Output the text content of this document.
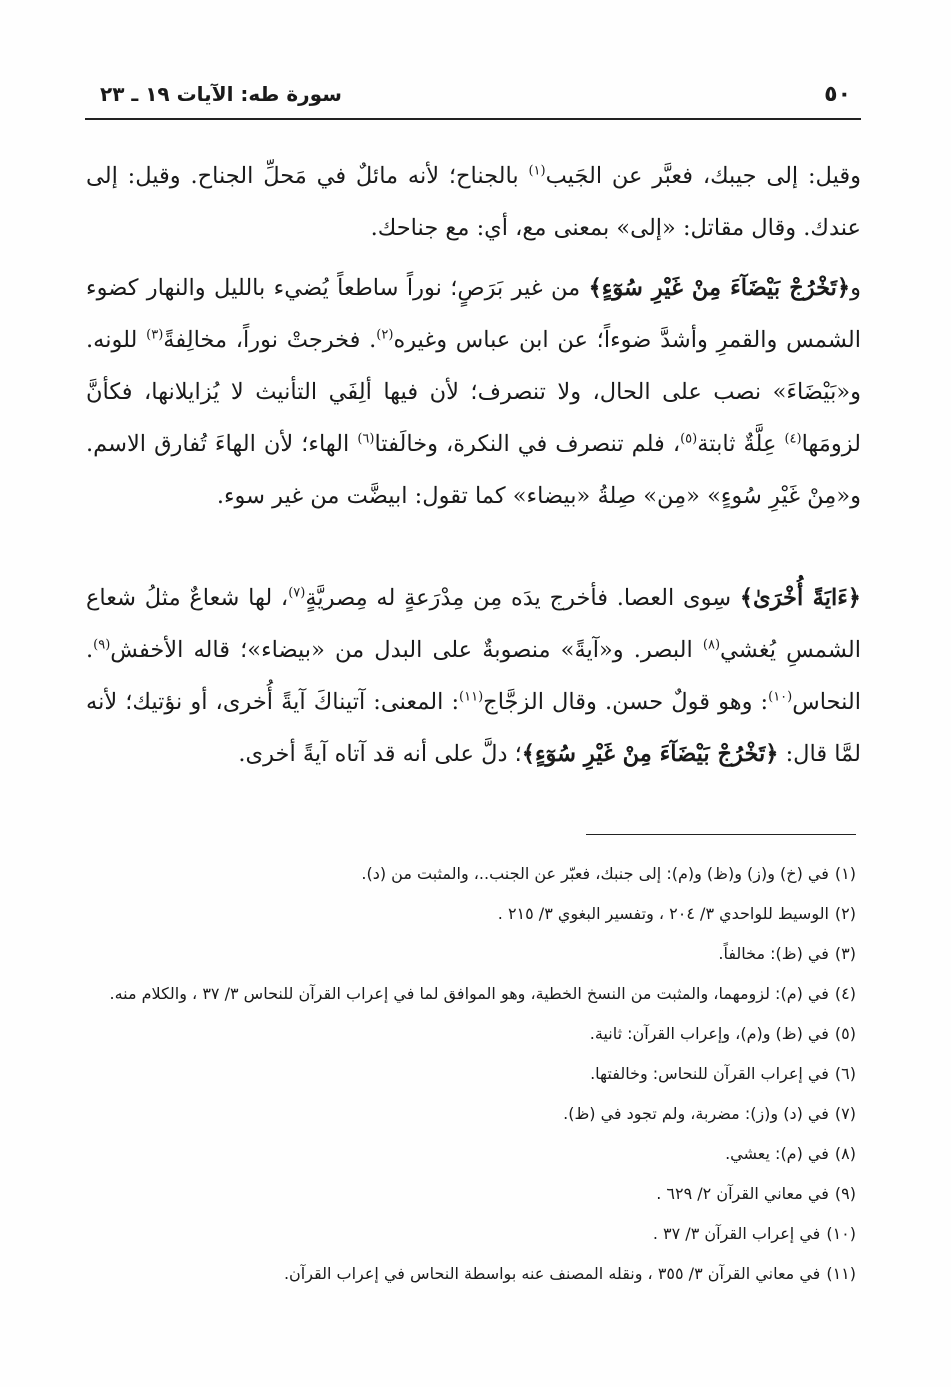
٥٠
سورة طه: الآيات ١٩ ـ ٢٣

وقيل: إلى جيبك، فعبَّر عن الجَيب$^{(١)}$ بالجناح؛ لأنه مائلٌ في مَحلِّ الجناح. وقيل: إلى عندك. وقال مقاتل: «إلى» بمعنى مع، أي: مع جناحك.

و﴿تَخْرُجْ بَيْضَآءَ مِنْ غَيْرِ سُوٓءٍ﴾ من غير بَرَصٍ؛ نوراً ساطعاً يُضيء بالليل والنهار كضوء الشمس والقمرِ وأشدَّ ضوءاً؛ عن ابن عباس وغيره$^{(٢)}$. فخرجتْ نوراً، مخالِفةً$^{(٣)}$ للونه. و«بَيْضَاءَ» نصب على الحال، ولا تنصرف؛ لأن فيها ألِفَي التأنيث لا يُزايلانها، فكأنَّ لزومَها$^{(٤)}$ عِلَّةٌ ثابتة$^{(٥)}$، فلم تنصرف في النكرة، وخالَفتا$^{(٦)}$ الهاء؛ لأن الهاءَ تُفارق الاسم. و«مِنْ غَيْرِ سُوءٍ» «مِن» صِلةُ «بيضاء» كما تقول: ابيضَّت من غير سوء.

﴿ءَايَةً أُخْرَىٰ﴾ سِوى العصا. فأخرج يدَه مِن مِدْرَعةٍ له مِصريَّةٍ$^{(٧)}$، لها شعاعٌ مثلُ شعاع الشمسِ يُغشي$^{(٨)}$ البصر. و«آيةً» منصوبةٌ على البدل من «بيضاء»؛ قاله الأخفش$^{(٩)}$. النحاس$^{(١٠)}$: وهو قولٌ حسن. وقال الزجَّاج$^{(١١)}$: المعنى: آتيناكَ آيةً أُخرى، أو نؤتيك؛ لأنه لمَّا قال: ﴿تَخْرُجْ بَيْضَآءَ مِنْ غَيْرِ سُوٓءٍ﴾؛ دلَّ على أنه قد آتاه آيةً أخرى.

(١)في (خ) و(ز) و(ظ) و(م): إلى جنبك، فعبّر عن الجنب..، والمثبت من (د).
(٢)الوسيط للواحدي ٣/ ٢٠٤ ، وتفسير البغوي ٣/ ٢١٥ .
(٣)في (ظ): مخالفاً.
(٤)في (م): لزومهما، والمثبت من النسخ الخطية، وهو الموافق لما في إعراب القرآن للنحاس ٣/ ٣٧ ، والكلام منه.
(٥)في (ظ) و(م)، وإعراب القرآن: ثانية.
(٦)في إعراب القرآن للنحاس: وخالفتها.
(٧)في (د) و(ز): مضربة، ولم تجود في (ظ).
(٨)في (م): يعشي.
(٩)في معاني القرآن ٢/ ٦٢٩ .
(١٠)في إعراب القرآن ٣/ ٣٧ .
(١١)في معاني القرآن ٣/ ٣٥٥ ، ونقله المصنف عنه بواسطة النحاس في إعراب القرآن.
